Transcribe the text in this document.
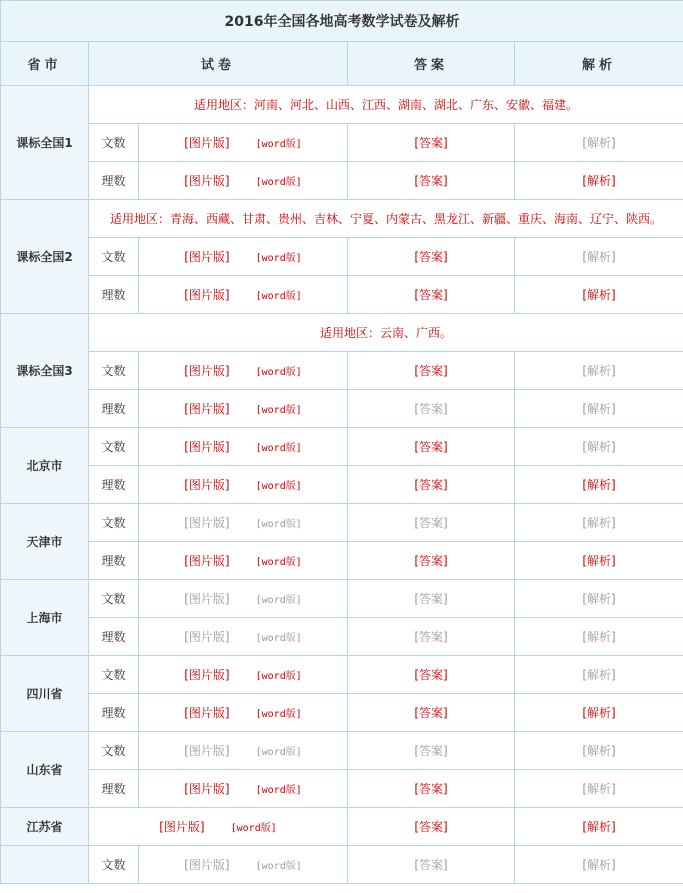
2016年全国各地高考数学试卷及解析				
省市	试卷		答案	解析
课标全国1	适用地区：河南、河北、山西、江西、湖南、湖北、广东、安徽、福建。			
	文数	[图片版] [word版]	[答案]	[解析]
	理数	[图片版] [word版]	[答案]	[解析]
课标全国2	适用地区：青海、西藏、甘肃、贵州、吉林、宁夏、内蒙古、黑龙江、新疆、重庆、海南、辽宁、陕西。			
	文数	[图片版] [word版]	[答案]	[解析]
	理数	[图片版] [word版]	[答案]	[解析]
课标全国3	适用地区：云南、广西。			
	文数	[图片版] [word版]	[答案]	[解析]
	理数	[图片版] [word版]	[答案]	[解析]
北京市	文数	[图片版] [word版]	[答案]	[解析]
	理数	[图片版] [word版]	[答案]	[解析]
天津市	文数	[图片版] [word版]	[答案]	[解析]
	理数	[图片版] [word版]	[答案]	[解析]
上海市	文数	[图片版] [word版]	[答案]	[解析]
	理数	[图片版] [word版]	[答案]	[解析]
四川省	文数	[图片版] [word版]	[答案]	[解析]
	理数	[图片版] [word版]	[答案]	[解析]
山东省	文数	[图片版] [word版]	[答案]	[解析]
	理数	[图片版] [word版]	[答案]	[解析]
江苏省	[图片版] [word版]		[答案]	[解析]
	文数	[图片版] [word版]	[答案]	[解析]
